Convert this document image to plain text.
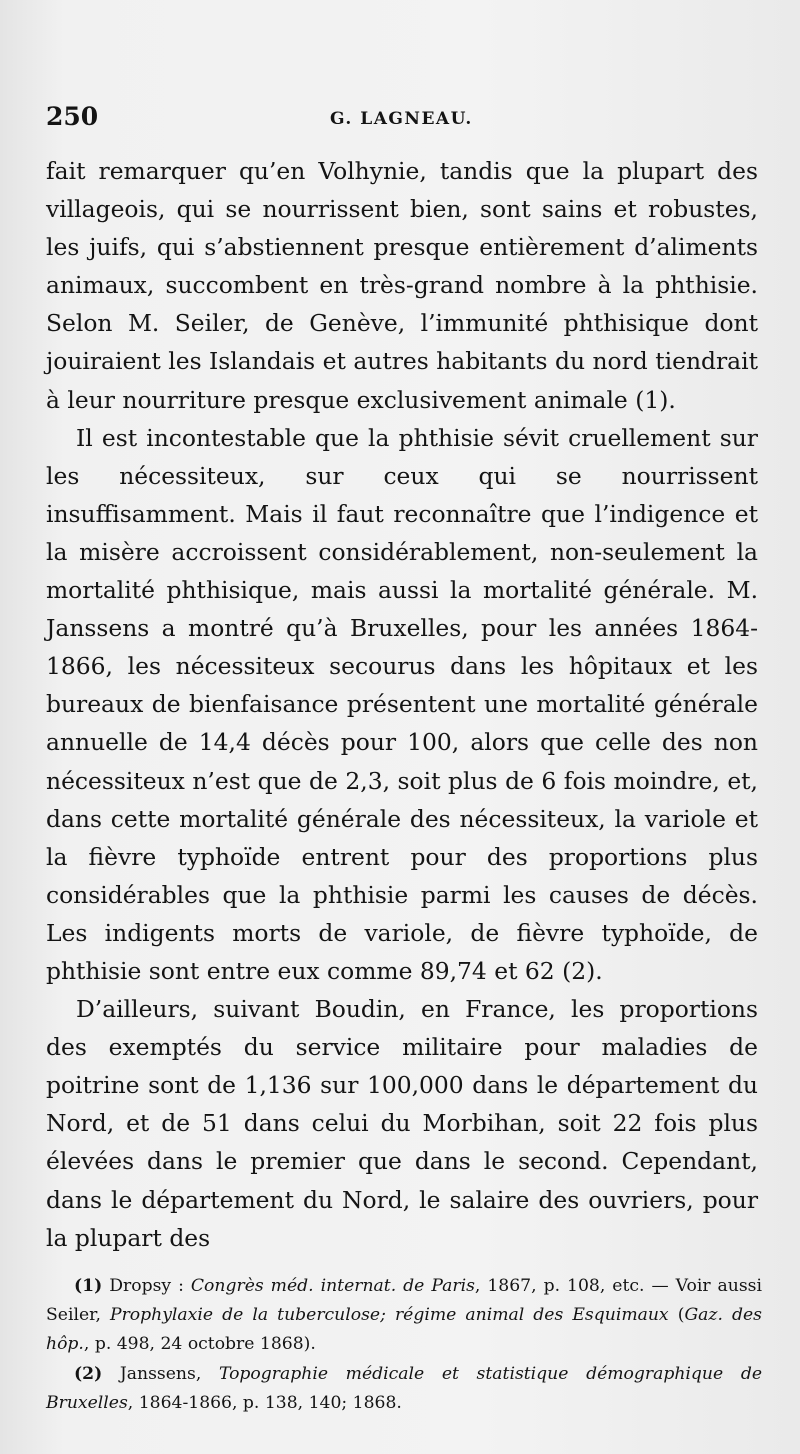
250	G. LAGNEAU.

fait remarquer qu’en Volhynie, tandis que la plupart des villageois, qui se nourrissent bien, sont sains et robustes, les juifs, qui s’abstiennent presque entièrement d’aliments animaux, succombent en très-grand nombre à la phthisie. Selon M. Seiler, de Genève, l’immunité phthisique dont jouiraient les Islandais et autres habitants du nord tiendrait à leur nourriture presque exclusivement animale (1).

Il est incontestable que la phthisie sévit cruellement sur les nécessiteux, sur ceux qui se nourrissent insuffisamment. Mais il faut reconnaître que l’indigence et la misère accroissent considérablement, non-seulement la mortalité phthisique, mais aussi la mortalité générale. M. Janssens a montré qu’à Bruxelles, pour les années 1864-1866, les nécessiteux secourus dans les hôpitaux et les bureaux de bienfaisance présentent une mortalité générale annuelle de 14,4 décès pour 100, alors que celle des non nécessiteux n’est que de 2,3, soit plus de 6 fois moindre, et, dans cette mortalité générale des nécessiteux, la variole et la fièvre typhoïde entrent pour des proportions plus considérables que la phthisie parmi les causes de décès. Les indigents morts de variole, de fièvre typhoïde, de phthisie sont entre eux comme 89,74 et 62 (2).

D’ailleurs, suivant Boudin, en France, les proportions des exemptés du service militaire pour maladies de poitrine sont de 1,136 sur 100,000 dans le département du Nord, et de 51 dans celui du Morbihan, soit 22 fois plus élevées dans le premier que dans le second. Cependant, dans le département du Nord, le salaire des ouvriers, pour la plupart des

(1) Dropsy : Congrès méd. internat. de Paris, 1867, p. 108, etc. — Voir aussi Seiler, Prophylaxie de la tuberculose; régime animal des Esquimaux (Gaz. des hôp., p. 498, 24 octobre 1868).

(2) Janssens, Topographie médicale et statistique démographique de Bruxelles, 1864-1866, p. 138, 140; 1868.
